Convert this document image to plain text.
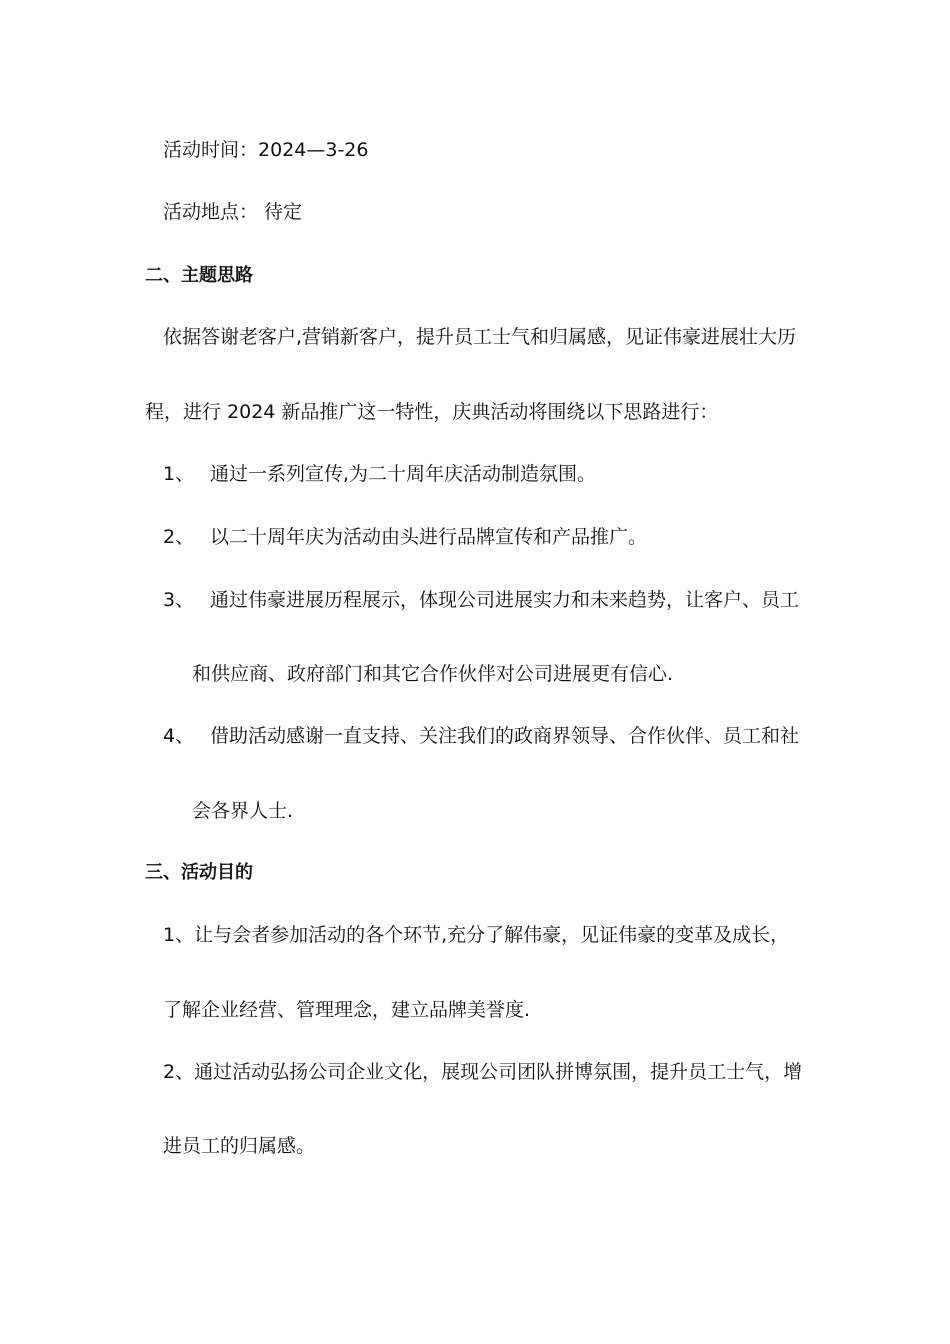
活动时间：2024—3-26
活动地点： 待定
二、主题思路
依据答谢老客户,营销新客户，提升员工士气和归属感，见证伟豪进展壮大历
程，进行 2024 新品推广这一特性，庆典活动将围绕以下思路进行：
1、 通过一系列宣传,为二十周年庆活动制造氛围。
2、 以二十周年庆为活动由头进行品牌宣传和产品推广。
3、 通过伟豪进展历程展示，体现公司进展实力和未来趋势，让客户、员工
和供应商、政府部门和其它合作伙伴对公司进展更有信心.
4、 借助活动感谢一直支持、关注我们的政商界领导、合作伙伴、员工和社
会各界人士.
三、活动目的
1、让与会者参加活动的各个环节,充分了解伟豪，见证伟豪的变革及成长，
了解企业经营、管理理念，建立品牌美誉度.
2、通过活动弘扬公司企业文化，展现公司团队拼博氛围，提升员工士气，增
进员工的归属感。
